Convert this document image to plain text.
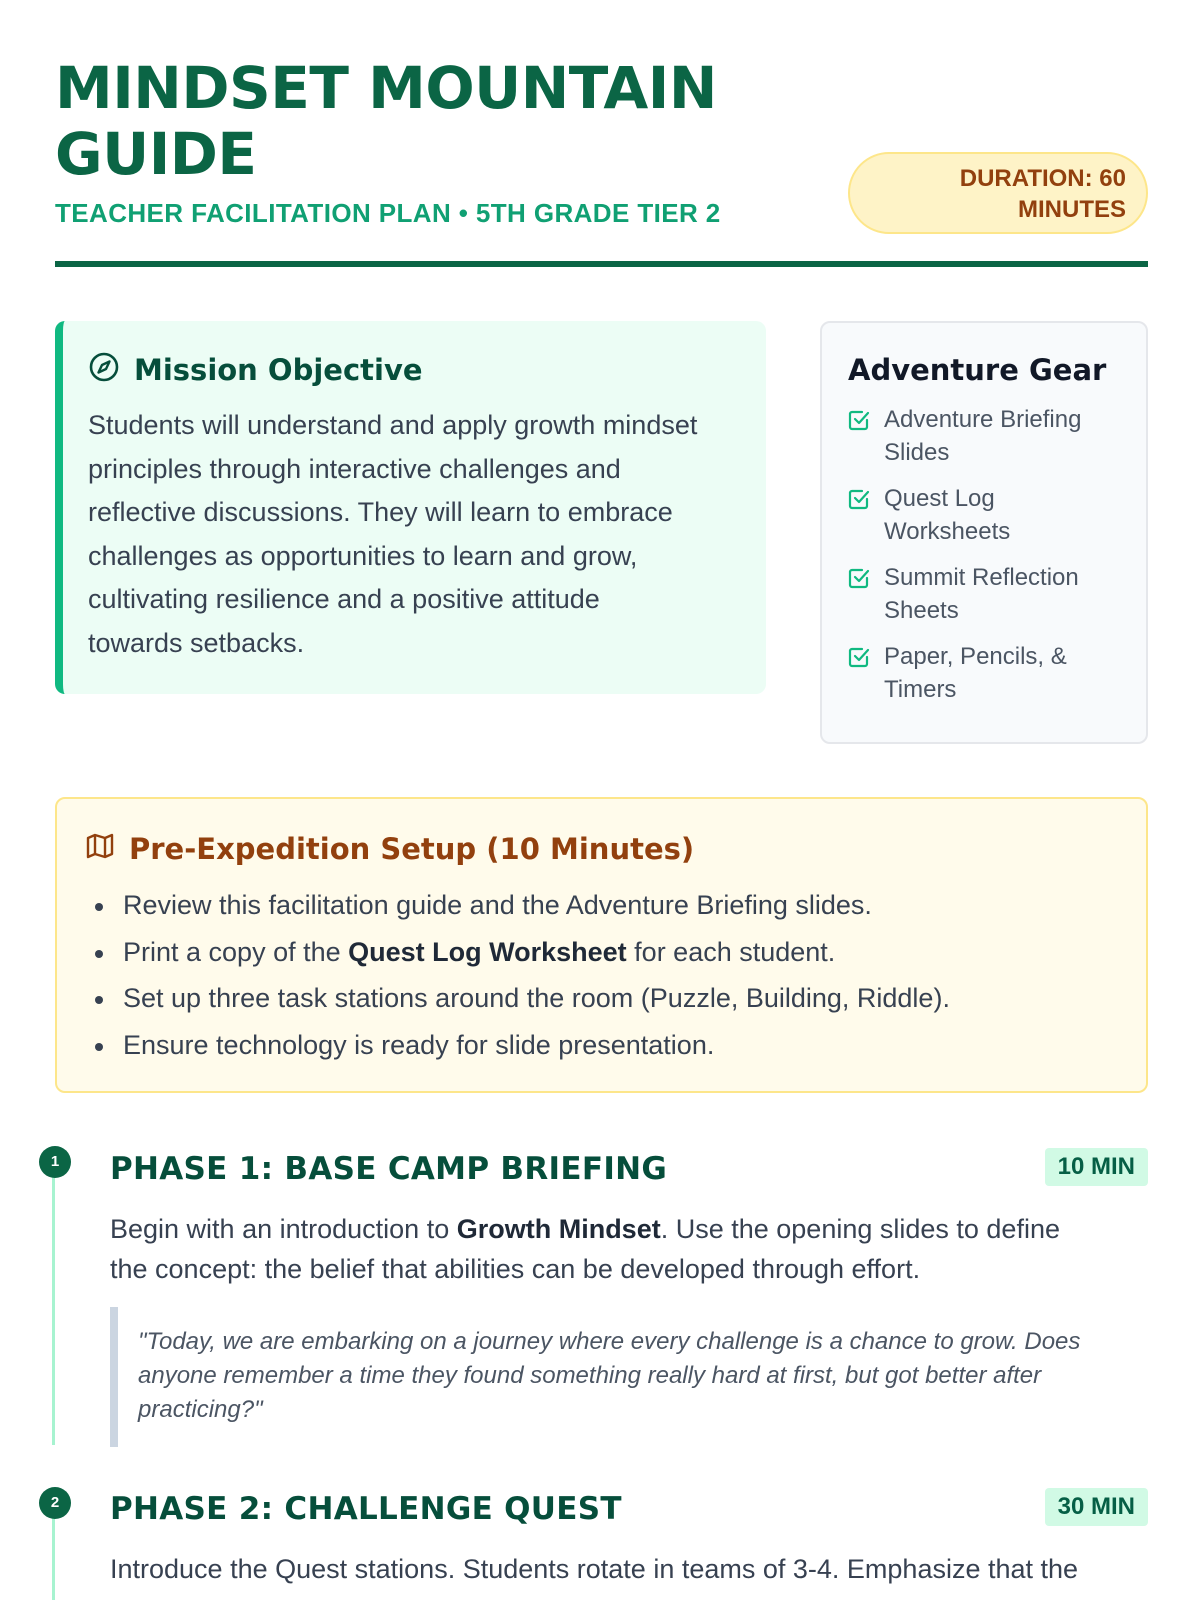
MINDSET MOUNTAIN
GUIDE
TEACHER FACILITATION PLAN • 5TH GRADE TIER 2
DURATION: 60
MINUTES
Mission Objective
Students will understand and apply growth mindset
principles through interactive challenges and
reflective discussions. They will learn to embrace
challenges as opportunities to learn and grow,
cultivating resilience and a positive attitude
towards setbacks.
Adventure Gear
Adventure Briefing
Slides
Quest Log
Worksheets
Summit Reflection
Sheets
Paper, Pencils, &
Timers
Pre-Expedition Setup (10 Minutes)
Review this facilitation guide and the Adventure Briefing slides.
Print a copy of the Quest Log Worksheet for each student.
Set up three task stations around the room (Puzzle, Building, Riddle).
Ensure technology is ready for slide presentation.
1	PHASE 1: BASE CAMP BRIEFING	10 MIN

Begin with an introduction to Growth Mindset. Use the opening slides to define
the concept: the belief that abilities can be developed through effort.

"Today, we are embarking on a journey where every challenge is a chance to grow. Does
anyone remember a time they found something really hard at first, but got better after
practicing?"
2	PHASE 2: CHALLENGE QUEST	30 MIN

Introduce the Quest stations. Students rotate in teams of 3-4. Emphasize that the
